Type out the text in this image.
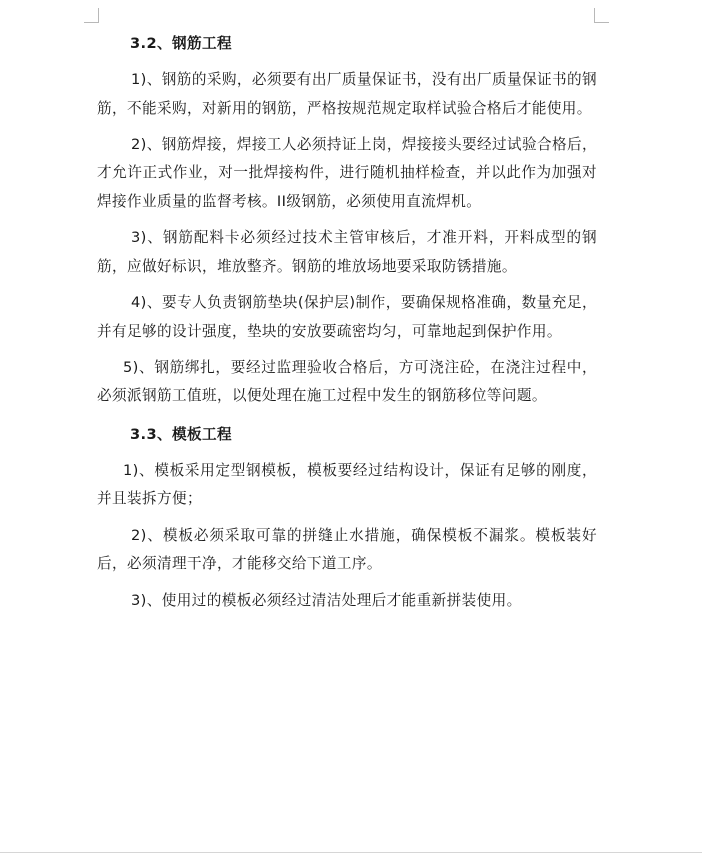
3.2、钢筋工程

1)、钢筋的采购，必须要有出厂质量保证书，没有出厂质量保证书的钢筋，不能采购，对新用的钢筋，严格按规范规定取样试验合格后才能使用。

2)、钢筋焊接，焊接工人必须持证上岗，焊接接头要经过试验合格后，才允许正式作业，对一批焊接构件，进行随机抽样检查，并以此作为加强对焊接作业质量的监督考核。II级钢筋，必须使用直流焊机。

3)、钢筋配料卡必须经过技术主管审核后，才准开料，开料成型的钢筋，应做好标识，堆放整齐。钢筋的堆放场地要采取防锈措施。

4)、要专人负责钢筋垫块(保护层)制作，要确保规格准确，数量充足，并有足够的设计强度，垫块的安放要疏密均匀，可靠地起到保护作用。

5)、钢筋绑扎，要经过监理验收合格后，方可浇注砼，在浇注过程中，必须派钢筋工值班，以便处理在施工过程中发生的钢筋移位等问题。

3.3、模板工程

1)、模板采用定型钢模板，模板要经过结构设计，保证有足够的刚度，并且装拆方便；

2)、模板必须采取可靠的拼缝止水措施，确保模板不漏浆。模板装好后，必须清理干净，才能移交给下道工序。

3)、使用过的模板必须经过清洁处理后才能重新拼装使用。
